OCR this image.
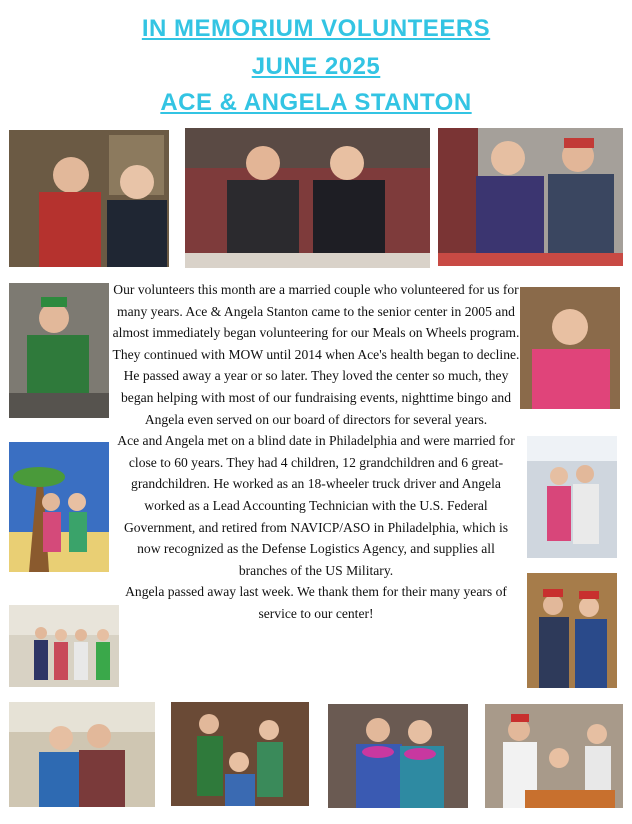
IN MEMORIUM VOLUNTEERS
JUNE 2025
ACE & ANGELA STANTON

Our volunteers this month are a married couple who volunteered for us for many years. Ace & Angela Stanton came to the senior center in 2005 and almost immediately began volunteering for our Meals on Wheels program. They continued with MOW until 2014 when Ace's health began to decline. He passed away a year or so later. They loved the center so much, they began helping with most of our fundraising events, nighttime bingo and Angela even served on our board of directors for several years.

Ace and Angela met on a blind date in Philadelphia and were married for close to 60 years. They had 4 children, 12 grandchildren and 6 great-grandchildren. He worked as an 18-wheeler truck driver and Angela worked as a Lead Accounting Technician with the U.S. Federal Government, and retired from NAVICP/ASO in Philadelphia, which is now recognized as the Defense Logistics Agency, and supplies all branches of the US Military.

Angela passed away last week. We thank them for their many years of service to our center!
